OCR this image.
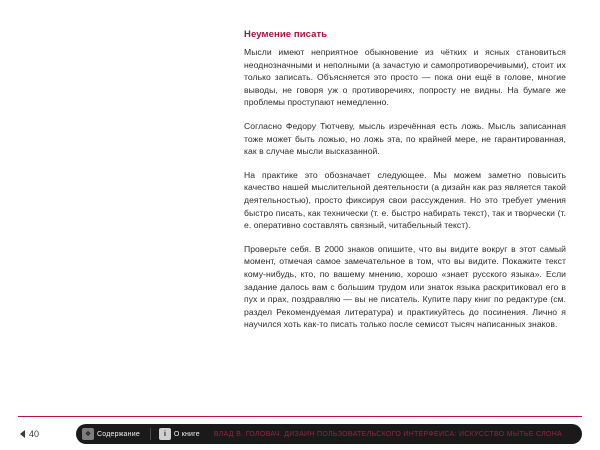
Неумение писать

Мысли имеют неприятное обыкновение из чётких и ясных становиться неоднозначными и неполными (а зачастую и самопротиворечивыми), стоит их только записать. Объясняется это просто — пока они ещё в голове, многие выводы, не говоря уж о противоречиях, попросту не видны. На бумаге же проблемы проступают немедленно.

Согласно Федору Тютчеву, мысль изречённая есть ложь. Мысль записанная тоже может быть ложью, но ложь эта, по крайней мере, не гарантированная, как в случае мысли высказанной.

На практике это обозначает следующее. Мы можем заметно повысить качество нашей мыслительной деятельности (а дизайн как раз является такой деятельностью), просто фиксируя свои рассуждения. Но это требует умения быстро писать, как технически (т. е. быстро набирать текст), так и творчески (т. е. оперативно составлять связный, читабельный текст).

Проверьте себя. В 2000 знаков опишите, что вы видите вокруг в этот самый момент, отмечая самое замечательное в том, что вы видите. Покажите текст кому-нибудь, кто, по вашему мнению, хорошо «знает русского языка». Если задание далось вам с большим трудом или знаток языка раскритиковал его в пух и прах, поздравляю — вы не писатель. Купите пару книг по редактуре (см. раздел Рекомендуемая литература) и практикуйтесь до посинения. Лично я научился хоть как-то писать только после семисот тысяч написанных знаков.

40	❖ Содержание	i	О книге ВЛАД В. ГОЛОВАЧ. ДИЗАЙН ПОЛЬЗОВАТЕЛЬСКОГО ИНТЕРФЕЙСА: ИСКУССТВО МЫТЬЕ СЛОНА
